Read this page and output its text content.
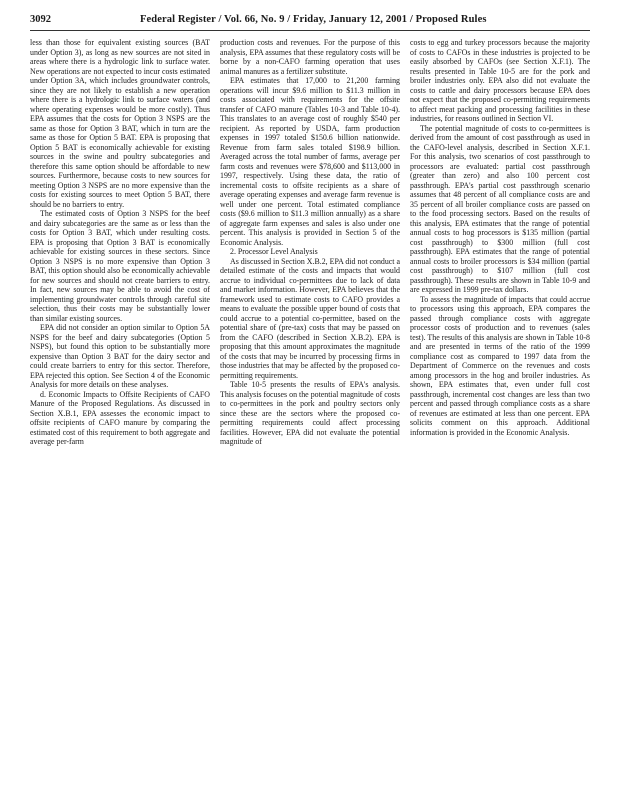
3092	Federal Register / Vol. 66, No. 9 / Friday, January 12, 2001 / Proposed Rules

less than those for equivalent existing sources (BAT under Option 3), as long as new sources are not sited in areas where there is a hydrologic link to surface water. New operations are not expected to incur costs estimated under Option 3A, which includes groundwater controls, since they are not likely to establish a new operation where there is a hydrologic link to surface waters (and where operating expenses would be more costly). Thus EPA assumes that the costs for Option 3 NSPS are the same as those for Option 3 BAT, which in turn are the same as those for Option 5 BAT. EPA is proposing that Option 5 BAT is economically achievable for existing sources in the swine and poultry subcategories and therefore this same option should be affordable to new sources. Furthermore, because costs to new sources for meeting Option 3 NSPS are no more expensive than the costs for existing sources to meet Option 5 BAT, there should be no barriers to entry.

The estimated costs of Option 3 NSPS for the beef and dairy subcategories are the same as or less than the costs for Option 3 BAT, which under resulting costs. EPA is proposing that Option 3 BAT is economically achievable for existing sources in these sectors. Since Option 3 NSPS is no more expensive than Option 3 BAT, this option should also be economically achievable for new sources and should not create barriers to entry. In fact, new sources may be able to avoid the cost of implementing groundwater controls through careful site selection, thus their costs may be substantially lower than similar existing sources.

EPA did not consider an option similar to Option 5A NSPS for the beef and dairy subcategories (Option 5 NSPS), but found this option to be substantially more expensive than Option 3 BAT for the dairy sector and could create barriers to entry for this sector. Therefore, EPA rejected this option. See Section 4 of the Economic Analysis for more details on these analyses.

d. Economic Impacts to Offsite Recipients of CAFO Manure of the Proposed Regulations. As discussed in Section X.B.1, EPA assesses the economic impact to offsite recipients of CAFO manure by comparing the estimated cost of this requirement to both aggregate and average per-farm

production costs and revenues. For the purpose of this analysis, EPA assumes that these regulatory costs will be borne by a non-CAFO farming operation that uses animal manures as a fertilizer substitute.

EPA estimates that 17,000 to 21,200 farming operations will incur $9.6 million to $11.3 million in costs associated with requirements for the offsite transfer of CAFO manure (Tables 10-3 and Table 10-4). This translates to an average cost of roughly $540 per recipient. As reported by USDA, farm production expenses in 1997 totaled $150.6 billion nationwide. Revenue from farm sales totaled $198.9 billion. Averaged across the total number of farms, average per farm costs and revenues were $78,600 and $113,000 in 1997, respectively. Using these data, the ratio of incremental costs to offsite recipients as a share of average operating expenses and average farm revenue is well under one percent. Total estimated compliance costs ($9.6 million to $11.3 million annually) as a share of aggregate farm expenses and sales is also under one percent. This analysis is provided in Section 5 of the Economic Analysis.

2. Processor Level Analysis

As discussed in Section X.B.2, EPA did not conduct a detailed estimate of the costs and impacts that would accrue to individual co-permittees due to lack of data and market information. However, EPA believes that the framework used to estimate costs to CAFO provides a means to evaluate the possible upper bound of costs that could accrue to a potential co-permittee, based on the potential share of (pre-tax) costs that may be passed on from the CAFO (described in Section X.B.2). EPA is proposing that this amount approximates the magnitude of the costs that may be incurred by processing firms in those industries that may be affected by the proposed co-permitting requirements.

Table 10-5 presents the results of EPA's analysis. This analysis focuses on the potential magnitude of costs to co-permittees in the pork and poultry sectors only since these are the sectors where the proposed co-permitting requirements could affect processing facilities. However, EPA did not evaluate the potential magnitude of

costs to egg and turkey processors because the majority of costs to CAFOs in these industries is projected to be easily absorbed by CAFOs (see Section X.F.1). The results presented in Table 10-5 are for the pork and broiler industries only. EPA also did not evaluate the costs to cattle and dairy processors because EPA does not expect that the proposed co-permitting requirements to affect meat packing and processing facilities in these industries, for reasons outlined in Section VI.

The potential magnitude of costs to co-permittees is derived from the amount of cost passthrough as used in the CAFO-level analysis, described in Section X.F.1. For this analysis, two scenarios of cost passthrough to processors are evaluated: partial cost passthrough (greater than zero) and also 100 percent cost passthrough. EPA's partial cost passthrough scenario assumes that 48 percent of all compliance costs are and 35 percent of all broiler compliance costs are passed on to the food processing sectors. Based on the results of this analysis, EPA estimates that the range of potential annual costs to hog processors is $135 million (partial cost passthrough) to $300 million (full cost passthrough). EPA estimates that the range of potential annual costs to broiler processors is $34 million (partial cost passthrough) to $107 million (full cost passthrough). These results are shown in Table 10-9 and are expressed in 1999 pre-tax dollars.

To assess the magnitude of impacts that could accrue to processors using this approach, EPA compares the passed through compliance costs with aggregate processor costs of production and to revenues (sales test). The results of this analysis are shown in Table 10-8 and are presented in terms of the ratio of the 1999 compliance cost as compared to 1997 data from the Department of Commerce on the revenues and costs among processors in the hog and broiler industries. As shown, EPA estimates that, even under full cost passthrough, incremental cost changes are less than two percent and passed through compliance costs as a share of revenues are estimated at less than one percent. EPA solicits comment on this approach. Additional information is provided in the Economic Analysis.
